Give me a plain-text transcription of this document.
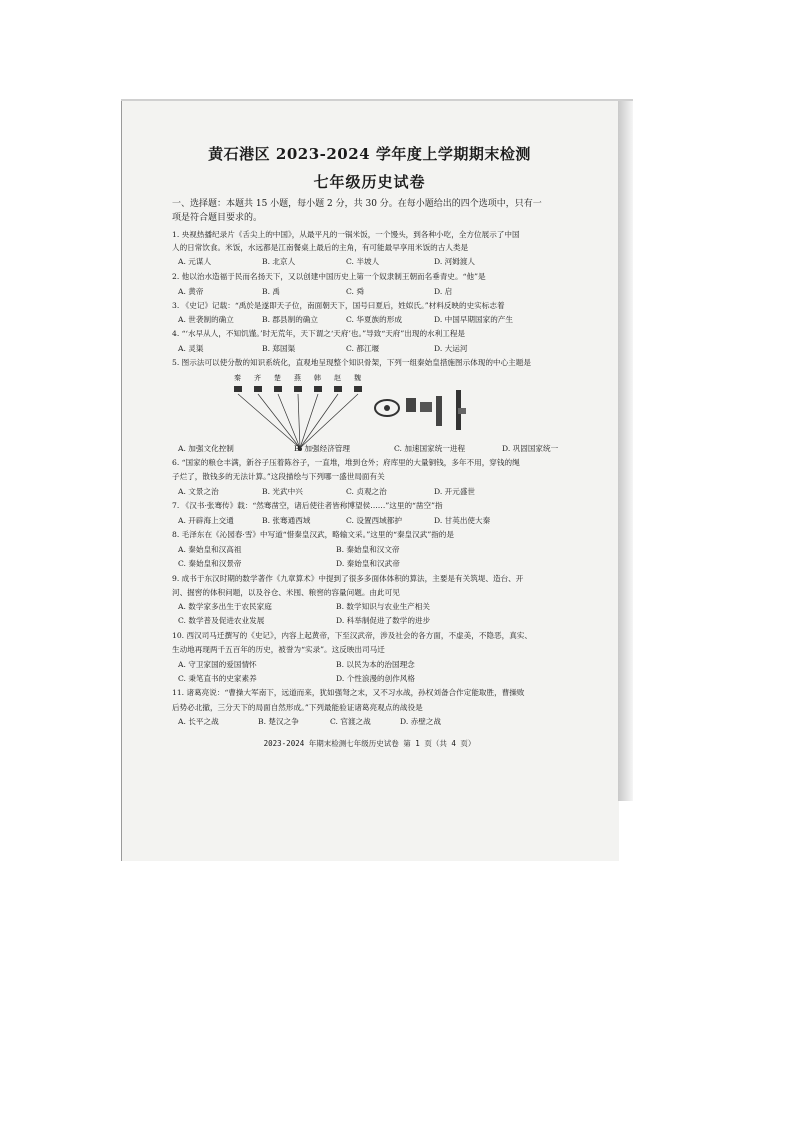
黄石港区 2023-2024 学年度上学期期末检测
七年级历史试卷
一、选择题：本题共 15 小题，每小题 2 分，共 30 分。在每小题给出的四个选项中，只有一
项是符合题目要求的。
1. 央视热播纪录片《舌尖上的中国》，从最平凡的一锅米饭，一个馒头，到各种小吃，全方位展示了中国
人的日常饮食。米饭，水远都是江南餐桌上最后的主角，有可能最早享用米饭的古人类是
A. 元谋人	B. 北京人	C. 半坡人	D. 河姆渡人
2. 他以治水造福于民而名扬天下，又以创建中国历史上第一个奴隶制王朝而名垂青史。“他”是
A. 黄帝	B. 禹	C. 舜	D. 启
3. 《史记》记载：“禹於是遂即天子位，南面朝天下，国号曰夏后，姓姒氏。”材料反映的史实标志着
A. 世袭制的确立	B. 郡县制的确立	C. 华夏族的形成	D. 中国早期国家的产生
4. “‘水早从人，不知饥馑。’时无荒年，天下谓之‘天府’也。”导致“天府”出现的水利工程是
A. 灵渠	B. 郑国渠	C. 都江堰	D. 大运河
5. 图示法可以使分散的知识系统化，直观地呈现整个知识骨架，下列一组秦始皇措施图示体现的中心主题是
秦 齐 楚 燕 韩 赵 魏
A. 加强文化控制	B. 加强经济管理	C. 加速国家统一进程	D. 巩固国家统一
6. “国家的粮仓丰满，新谷子压着陈谷子，一直堆，堆到仓外；府库里的大量铜钱，多年不用，穿钱的绳
子烂了，散钱多的无法计算。”这段描绘与下列哪一盛世局面有关
A. 文景之治	B. 光武中兴	C. 贞观之治	D. 开元盛世
7. 《汉书·张骞传》载：“然骞凿空，诸后使往者皆称博望侯……”这里的“凿空”指
A. 开辟海上交通	B. 张骞通西域	C. 设置西域都护	D. 甘英出使大秦
8. 毛泽东在《沁园春·雪》中写道“惜秦皇汉武，略输文采。”这里的“秦皇汉武”指的是
A. 秦始皇和汉高祖	B. 秦始皇和汉文帝
C. 秦始皇和汉景帝	D. 秦始皇和汉武帝
9. 成书于东汉时期的数学著作《九章算术》中提到了很多多面体体积的算法，主要是有关筑堤、造台、开
河、掘窖的体积问题，以及谷仓、米囤、粮窖的容量问题。由此可见
A. 数学家多出生于农民家庭	B. 数学知识与农业生产相关
C. 数学普及促进农业发展	D. 科举制促进了数学的进步
10. 西汉司马迁撰写的《史记》，内容上起黄帝，下至汉武帝，涉及社会的各方面，不虚美，不隐恶，真实、
生动地再现两千五百年的历史，被誉为“实录”。这反映出司马迁
A. 守卫家国的爱国情怀	B. 以民为本的治国理念
C. 秉笔直书的史家素养	D. 个性浪漫的创作风格
11. 诸葛亮说：“曹操大军南下，远道而来，犹如强弩之末，又不习水战，孙权刘备合作定能取胜，曹操败
后势必北撤，三分天下的局面自然形成。”下列最能验证诸葛亮观点的战役是
A. 长平之战	B. 楚汉之争	C. 官渡之战	D. 赤壁之战
2023-2024 年期末检测七年级历史试卷 第 1 页（共 4 页）
